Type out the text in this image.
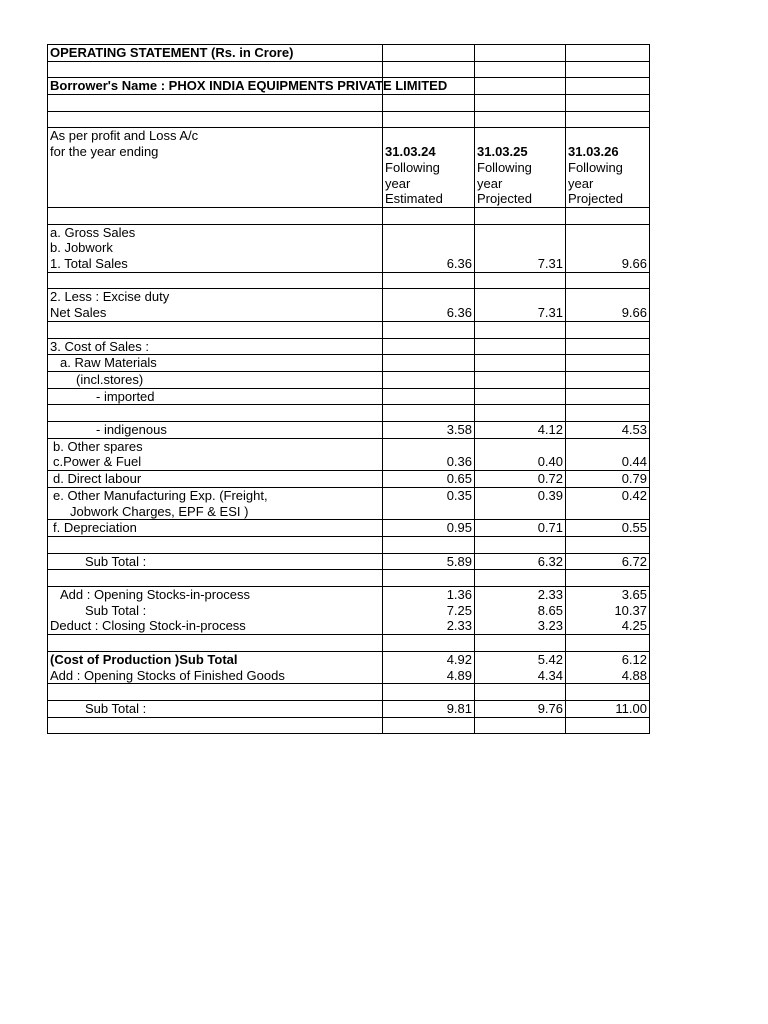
OPERATING STATEMENT (Rs. in Crore)			

Borrower's Name : PHOX INDIA EQUIPMENTS PRIVATE LIMITED			

As per profit and Loss A/c			
for the year ending	31.03.24	31.03.25	31.03.26
	Following	Following	Following
	year	year	year
	Estimated	Projected	Projected

a. Gross Sales			
b. Jobwork			
1. Total Sales	6.36	7.31	9.66

2. Less : Excise duty			
Net Sales	6.36	7.31	9.66

3. Cost of Sales :			
a. Raw Materials			
(incl.stores)			
- imported			

- indigenous	3.58	4.12	4.53
b. Other spares			
c.Power & Fuel	0.36	0.40	0.44
d. Direct labour	0.65	0.72	0.79
e. Other Manufacturing Exp. (Freight,	0.35	0.39	0.42
Jobwork Charges, EPF & ESI )			
f. Depreciation	0.95	0.71	0.55

Sub Total :	5.89	6.32	6.72

Add : Opening Stocks-in-process	1.36	2.33	3.65
Sub Total :	7.25	8.65	10.37
Deduct : Closing Stock-in-process	2.33	3.23	4.25

(Cost of Production )Sub Total	4.92	5.42	6.12
Add : Opening Stocks of Finished Goods	4.89	4.34	4.88

Sub Total :	9.81	9.76	11.00
